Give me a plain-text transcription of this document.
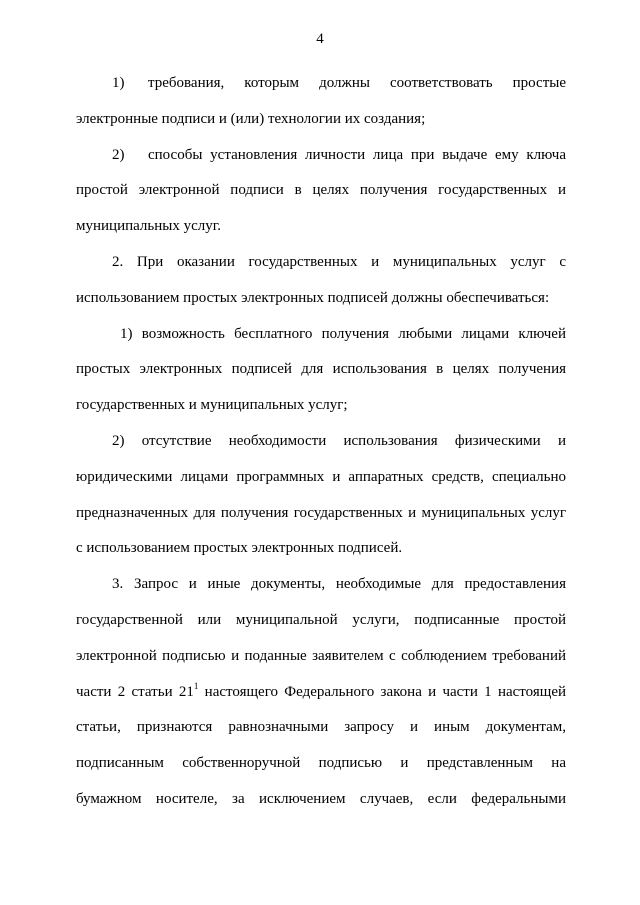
4

1) требования, которым должны соответствовать простые
электронные подписи и (или) технологии их создания;

2) способы установления личности лица при выдаче ему ключа
простой электронной подписи в целях получения государственных и
муниципальных услуг.

2. При оказании государственных и муниципальных услуг с
использованием простых электронных подписей должны обеспечиваться:

1) возможность бесплатного получения любыми лицами ключей
простых электронных подписей для использования в целях получения
государственных и муниципальных услуг;

2) отсутствие необходимости использования физическими и
юридическими лицами программных и аппаратных средств, специально
предназначенных для получения государственных и муниципальных услуг
с использованием простых электронных подписей.

3. Запрос и иные документы, необходимые для предоставления
государственной или муниципальной услуги, подписанные простой
электронной подписью и поданные заявителем с соблюдением требований
части 2 статьи $21^1$ настоящего Федерального закона и части 1 настоящей
статьи, признаются равнозначными запросу и иным документам,
подписанным собственноручной подписью и представленным на
бумажном носителе, за исключением случаев, если федеральными
